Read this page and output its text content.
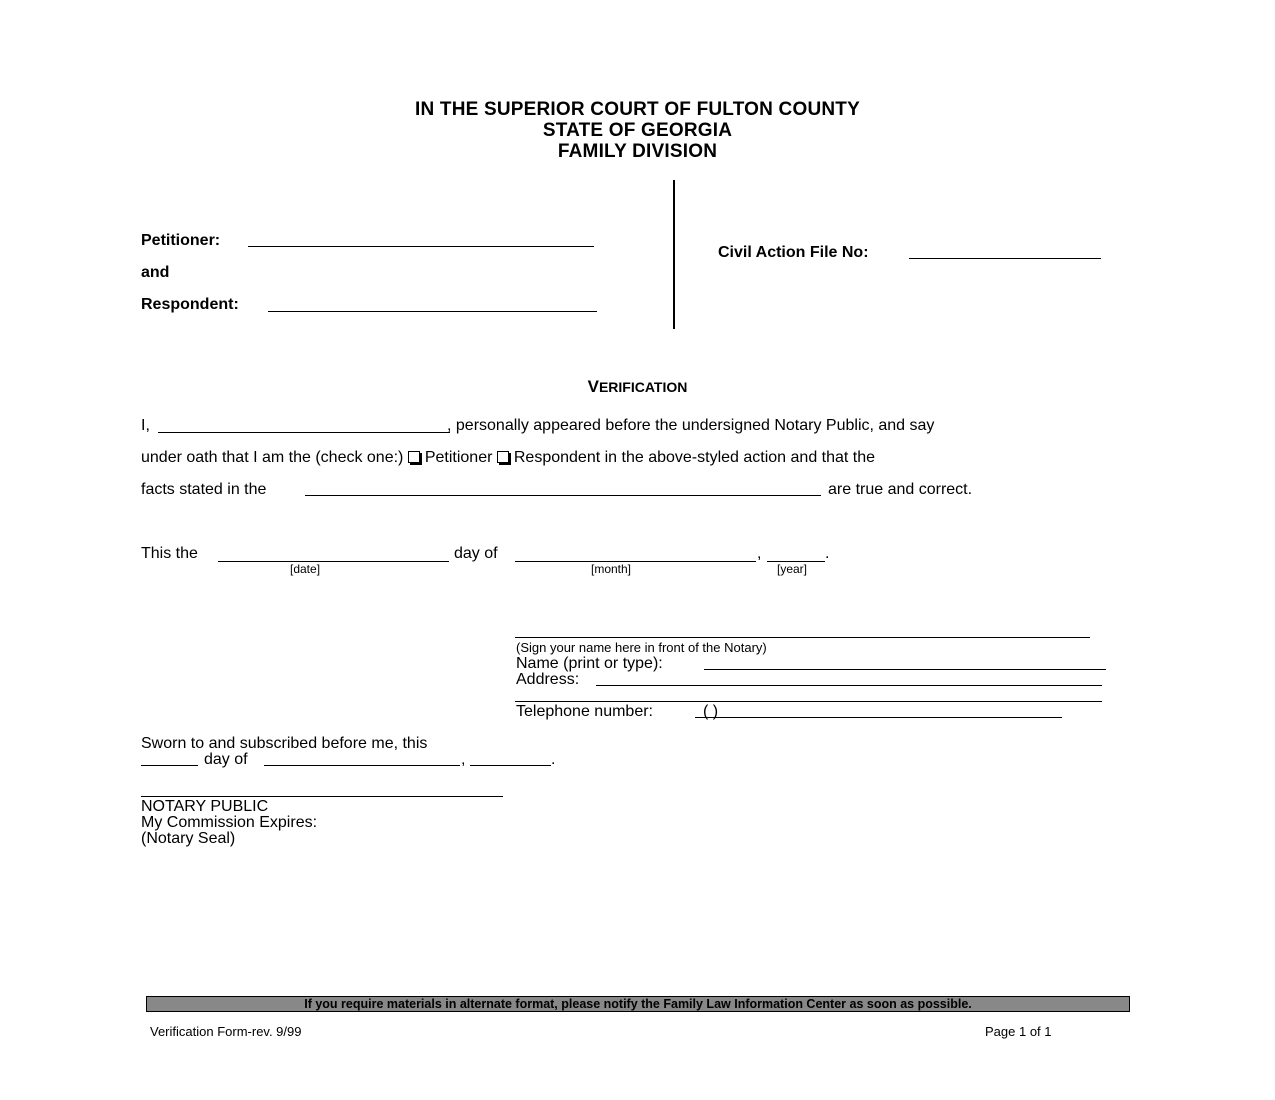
IN THE SUPERIOR COURT OF FULTON COUNTY
STATE OF GEORGIA
FAMILY DIVISION
Petitioner:
and
Respondent:
Civil Action File No:
VERIFICATION
I,	, personally appeared before the undersigned Notary Public, and say
under oath that I am the (check one:) Petitioner Respondent in the above-styled action and that the
facts stated in the	are true and correct.
This the	day of	,	.
[date]	[month]	[year]
(Sign your name here in front of the Notary)
Name (print or type):
Address:
Telephone number:	( )
Sworn to and subscribed before me, this
day of	,	.
NOTARY PUBLIC
My Commission Expires:
(Notary Seal)
If you require materials in alternate format, please notify the Family Law Information Center as soon as possible.
Verification Form-rev. 9/99	Page 1 of 1
